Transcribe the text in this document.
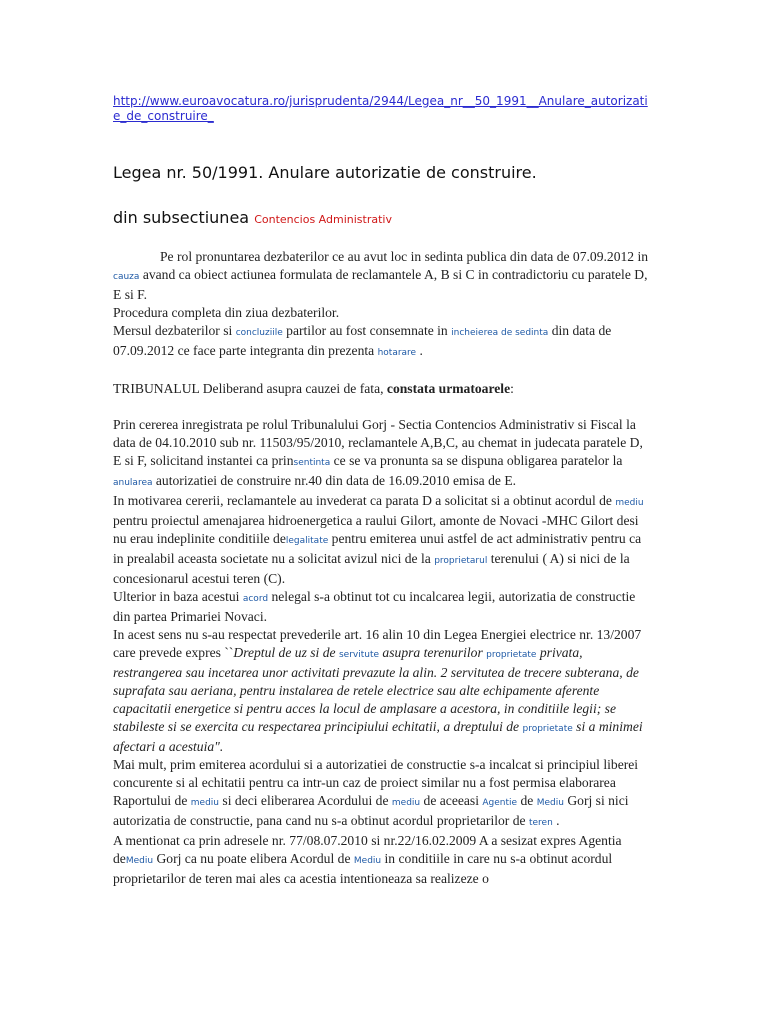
http://www.euroavocatura.ro/jurisprudenta/2944/Legea_nr__50_1991__Anulare_autorizatie_de_construire_
Legea nr. 50/1991. Anulare autorizatie de construire.
din subsectiunea Contencios Administrativ

Pe rol pronuntarea dezbaterilor ce au avut loc in sedinta publica din data de 07.09.2012 in cauza avand ca obiect actiunea formulata de reclamantele A, B si C in contradictoriu cu paratele D, E si F.

Procedura completa din ziua dezbaterilor.

Mersul dezbaterilor si concluziile partilor au fost consemnate in incheierea de sedinta din data de 07.09.2012 ce face parte integranta din prezenta hotarare .

TRIBUNALUL Deliberand asupra cauzei de fata, constata urmatoarele:

Prin cererea inregistrata pe rolul Tribunalului Gorj - Sectia Contencios Administrativ si Fiscal la data de 04.10.2010 sub nr. 11503/95/2010, reclamantele A,B,C, au chemat in judecata paratele D, E si F, solicitand instantei ca prinsentinta ce se va pronunta sa se dispuna obligarea paratelor la anularea autorizatiei de construire nr.40 din data de 16.09.2010 emisa de E.

In motivarea cererii, reclamantele au invederat ca parata D a solicitat si a obtinut acordul de mediu pentru proiectul amenajarea hidroenergetica a raului Gilort, amonte de Novaci -MHC Gilort desi nu erau indeplinite conditiile delegalitate pentru emiterea unui astfel de act administrativ pentru ca in prealabil aceasta societate nu a solicitat avizul nici de la proprietarul terenului ( A) si nici de la concesionarul acestui teren (C).

Ulterior in baza acestui acord nelegal s-a obtinut tot cu incalcarea legii, autorizatia de constructie din partea Primariei Novaci.

In acest sens nu s-au respectat prevederile art. 16 alin 10 din Legea Energiei electrice nr. 13/2007 care prevede expres ``Dreptul de uz si de servitute asupra terenurilor proprietate privata, restrangerea sau incetarea unor activitati prevazute la alin. 2 servitutea de trecere subterana, de suprafata sau aeriana, pentru instalarea de retele electrice sau alte echipamente aferente capacitatii energetice si pentru acces la locul de amplasare a acestora, in conditiile legii; se stabileste si se exercita cu respectarea principiului echitatii, a dreptului de proprietate si a minimei afectari a acestuia".

Mai mult, prim emiterea acordului si a autorizatiei de constructie s-a incalcat si principiul liberei concurente si al echitatii pentru ca intr-un caz de proiect similar nu a fost permisa elaborarea Raportului de mediu si deci eliberarea Acordului de mediu de aceeasi Agentie de Mediu Gorj si nici autorizatia de constructie, pana cand nu s-a obtinut acordul proprietarilor de teren .

A mentionat ca prin adresele nr. 77/08.07.2010 si nr.22/16.02.2009 A a sesizat expres Agentia deMediu Gorj ca nu poate elibera Acordul de Mediu in conditiile in care nu s-a obtinut acordul proprietarilor de teren mai ales ca acestia intentioneaza sa realizeze o
